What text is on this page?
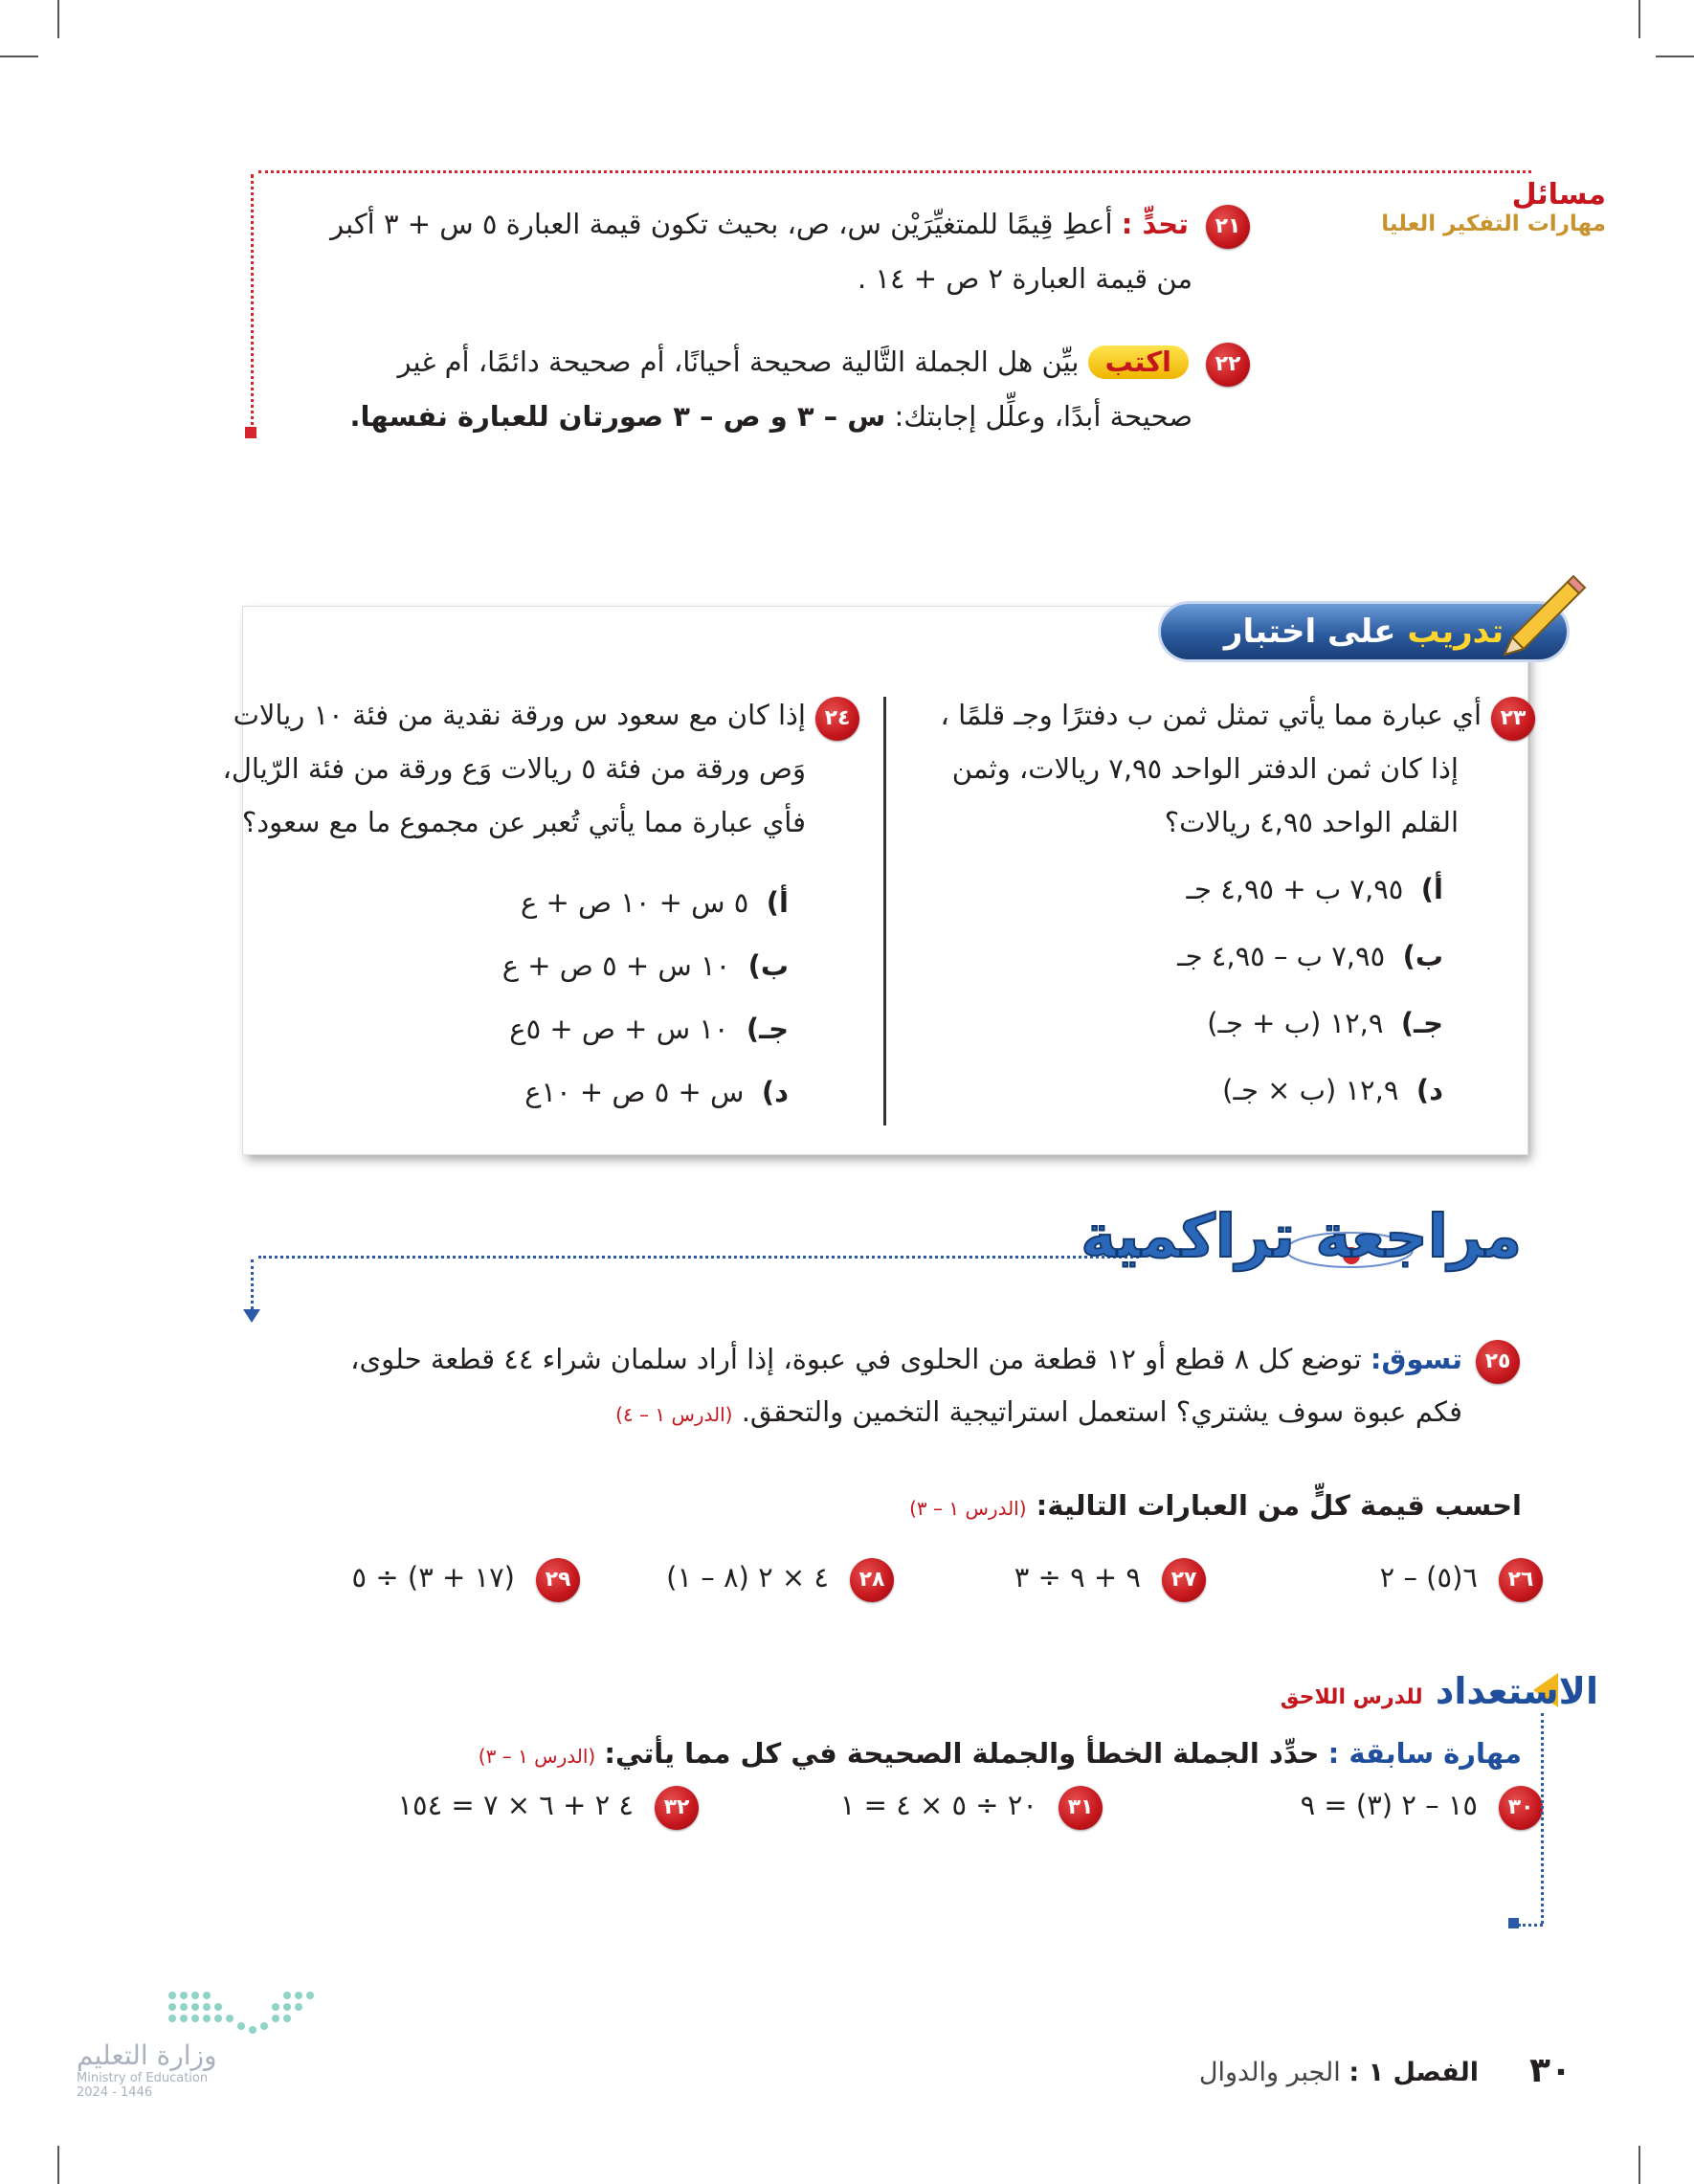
مسائل
مهارات التفكير العليا
٢١
تحدٍّ : أعطِ قِيمًا للمتغيِّرَيْن س، ص، بحيث تكون قيمة العبارة ٥ س + ٣ أكبر
من قيمة العبارة ٢ ص + ١٤ .
٢٢
اكتب بيِّن هل الجملة التَّالية صحيحة أحيانًا، أم صحيحة دائمًا، أم غير
صحيحة أبدًا، وعلِّل إجابتك: س – ٣ و ص – ٣ صورتان للعبارة نفسها.
تدريب على اختبار
٢٣
أي عبارة مما يأتي تمثل ثمن ب دفترًا وجـ قلمًا ،
إذا كان ثمن الدفتر الواحد ٧,٩٥ ريالات، وثمن
القلم الواحد ٤,٩٥ ريالات؟
أ)  ٧,٩٥ ب + ٤,٩٥ جـ
ب)  ٧,٩٥ ب – ٤,٩٥ جـ
جـ)  ١٢,٩ (ب + جـ)
د)  ١٢,٩ (ب × جـ)
٢٤
إذا كان مع سعود س ورقة نقدية من فئة ١٠ ريالات
وَص ورقة من فئة ٥ ريالات وَع ورقة من فئة الرّيال،
فأي عبارة مما يأتي تُعبر عن مجموع ما مع سعود؟
أ)  ٥ س + ١٠ ص + ع
ب)  ١٠ س + ٥ ص + ع
جـ)  ١٠ س + ص + ٥ع
د)  س + ٥ ص + ١٠ع
مراجعة تراكمية
٢٥
تسوق: توضع كل ٨ قطع أو ١٢ قطعة من الحلوى في عبوة، إذا أراد سلمان شراء ٤٤ قطعة حلوى،
فكم عبوة سوف يشتري؟ استعمل استراتيجية التخمين والتحقق. (الدرس ١ – ٤)
احسب قيمة كلٍّ من العبارات التالية: (الدرس ١ – ٣)
٢٦
٦(٥) – ٢
٢٧
٩ + ٩ ÷ ٣
٢٨
٤ × ٢ (٨ – ١)
٢٩
(١٧ + ٣) ÷ ٥
الاستعداد للدرس اللاحق
مهارة سابقة : حدِّد الجملة الخطأ والجملة الصحيحة في كل مما يأتي: (الدرس ١ – ٣)
٣٠
١٥ – ٢ (٣) = ٩
٣١
٢٠ ÷ ٥ × ٤ = ١
٣٢
٤ ٢ + ٦ × ٧ = ١٥٤
٣٠
الفصل ١ : الجبر والدوال
وزارة التعليم
Ministry of Education
2024 - 1446
